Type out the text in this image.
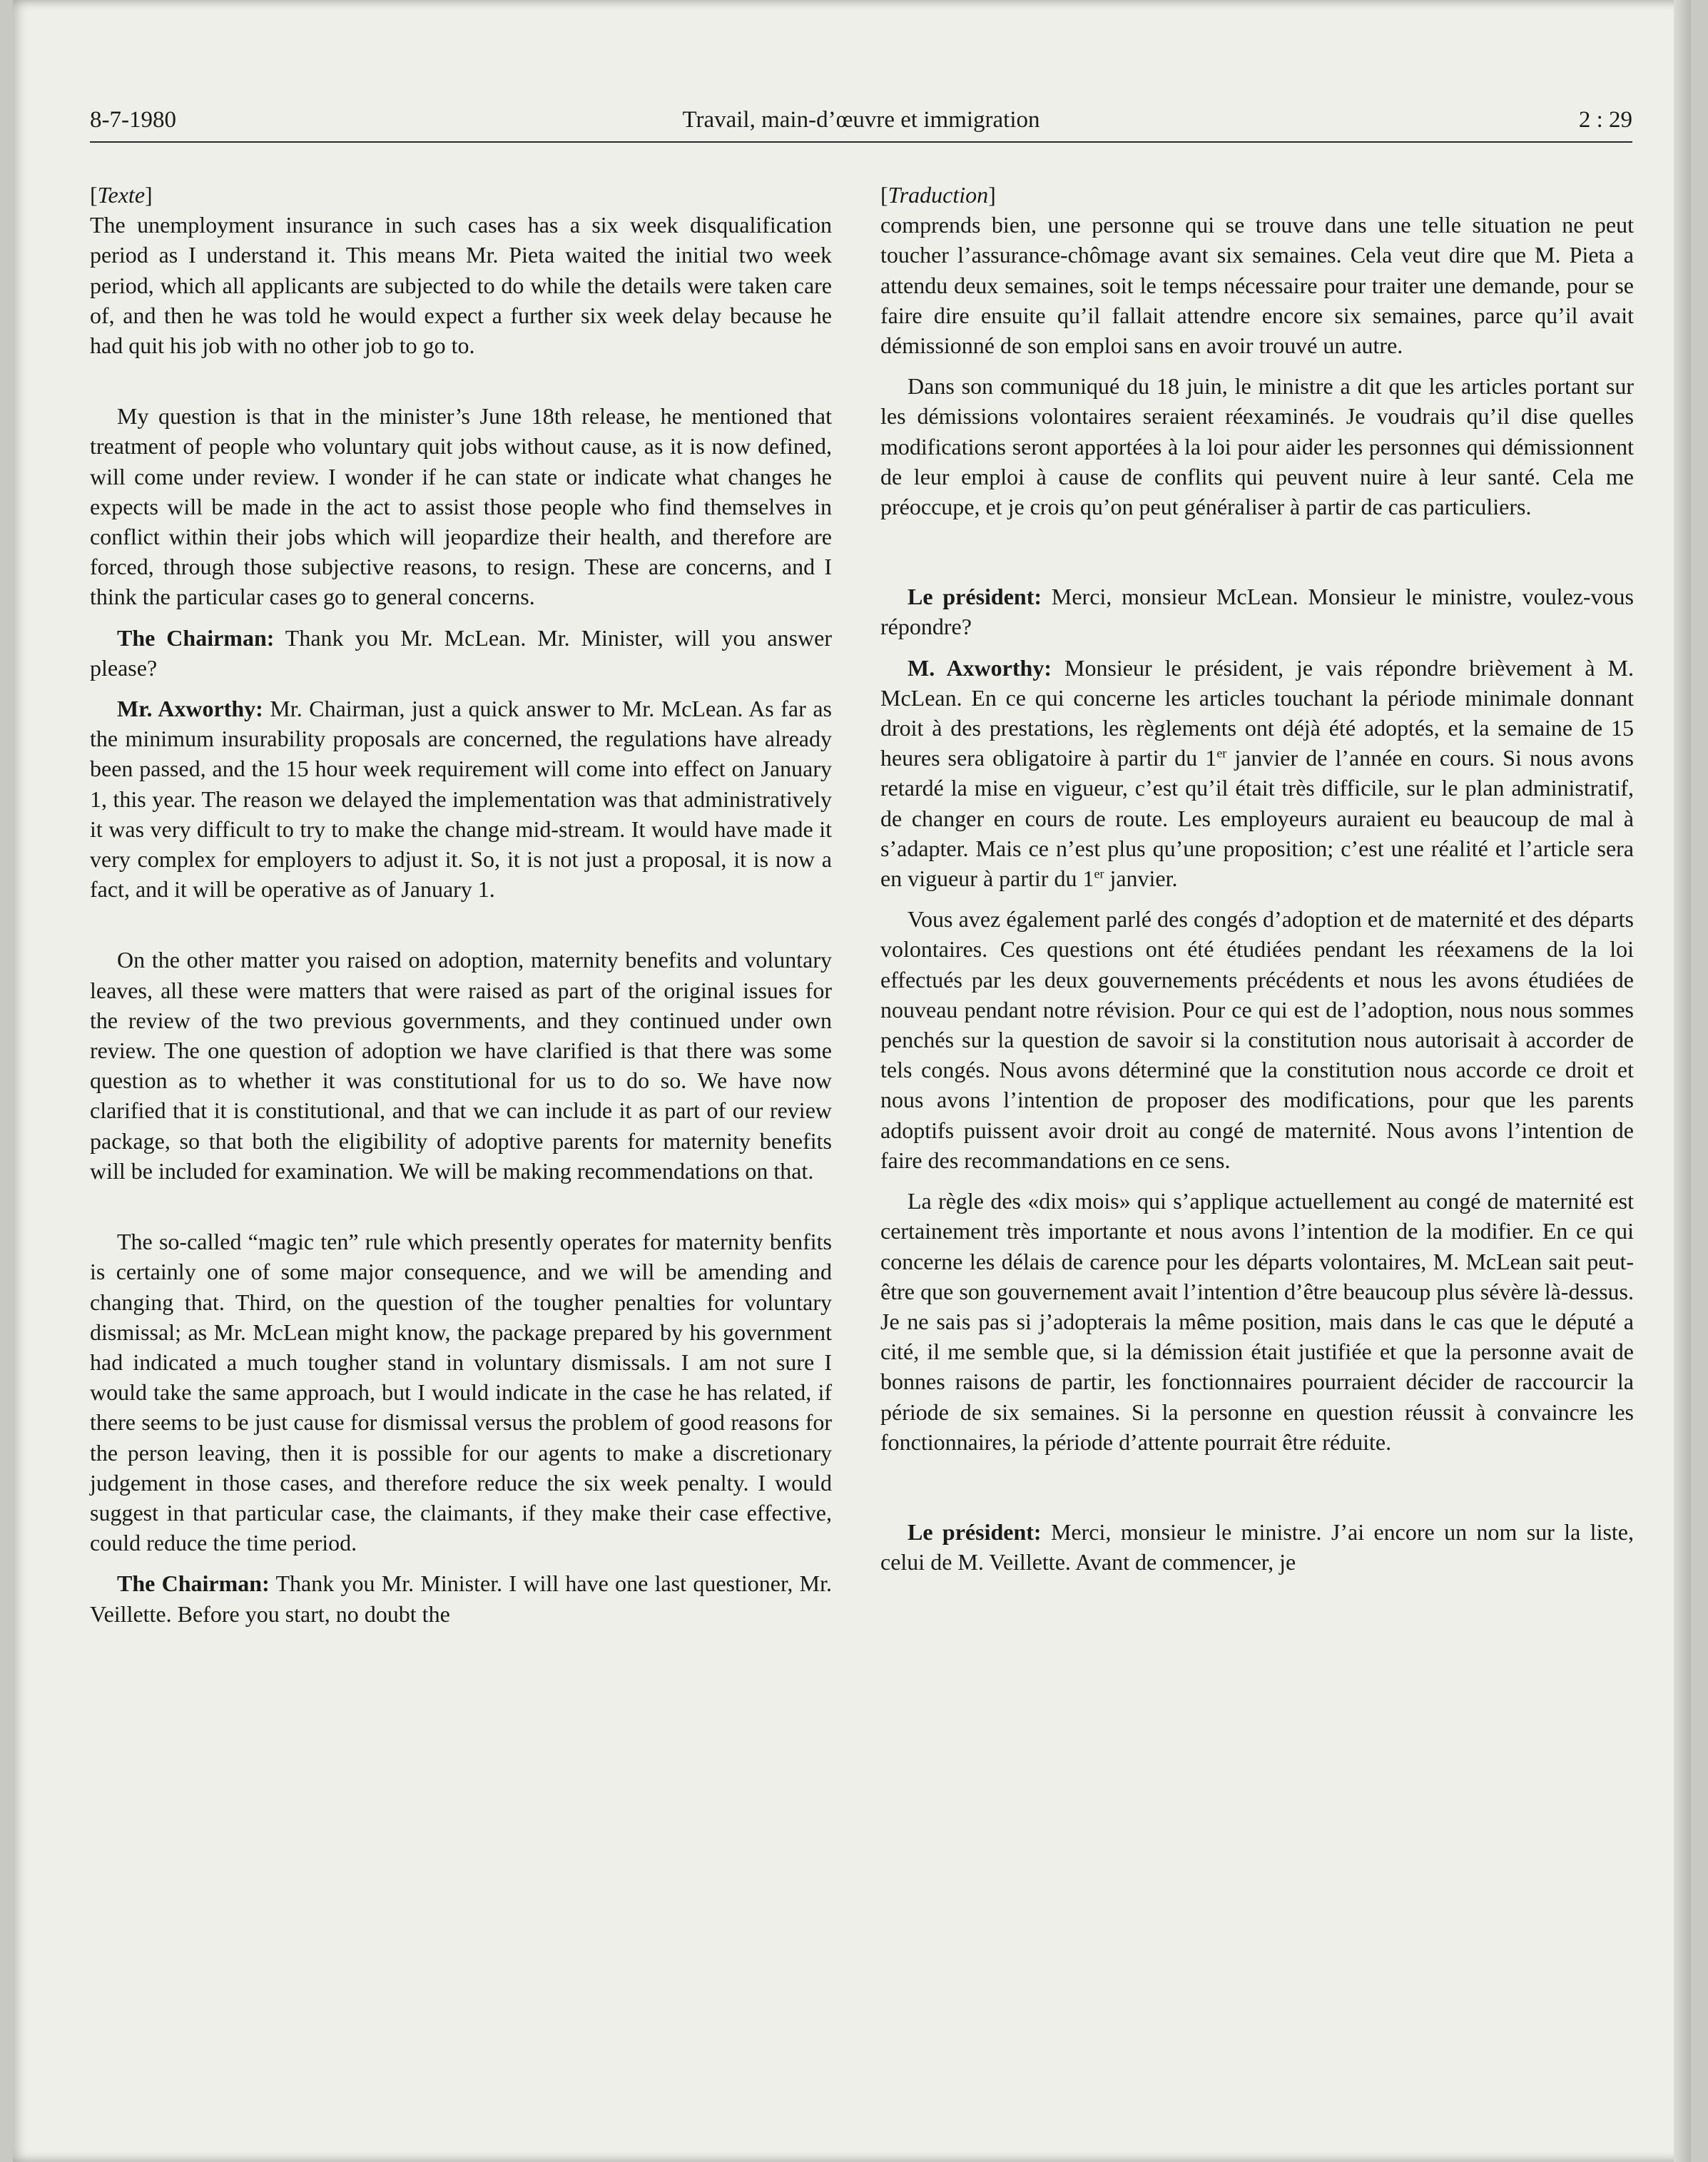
8-7-1980	Travail, main-d’œuvre et immigration	2 : 29

[Texte]

The unemployment insurance in such cases has a six week disqualification period as I understand it. This means Mr. Pieta waited the initial two week period, which all applicants are subjected to do while the details were taken care of, and then he was told he would expect a further six week delay because he had quit his job with no other job to go to.

My question is that in the minister’s June 18th release, he mentioned that treatment of people who voluntary quit jobs without cause, as it is now defined, will come under review. I wonder if he can state or indicate what changes he expects will be made in the act to assist those people who find themselves in conflict within their jobs which will jeopardize their health, and therefore are forced, through those subjective reasons, to resign. These are concerns, and I think the particular cases go to general concerns.

The Chairman: Thank you Mr. McLean. Mr. Minister, will you answer please?

Mr. Axworthy: Mr. Chairman, just a quick answer to Mr. McLean. As far as the minimum insurability proposals are concerned, the regulations have already been passed, and the 15 hour week requirement will come into effect on January 1, this year. The reason we delayed the implementation was that administratively it was very difficult to try to make the change mid-stream. It would have made it very complex for employers to adjust it. So, it is not just a proposal, it is now a fact, and it will be operative as of January 1.

On the other matter you raised on adoption, maternity benefits and voluntary leaves, all these were matters that were raised as part of the original issues for the review of the two previous governments, and they continued under own review. The one question of adoption we have clarified is that there was some question as to whether it was constitutional for us to do so. We have now clarified that it is constitutional, and that we can include it as part of our review package, so that both the eligibility of adoptive parents for maternity benefits will be included for examination. We will be making recommendations on that.

The so-called “magic ten” rule which presently operates for maternity benfits is certainly one of some major consequence, and we will be amending and changing that. Third, on the question of the tougher penalties for voluntary dismissal; as Mr. McLean might know, the package prepared by his government had indicated a much tougher stand in voluntary dismissals. I am not sure I would take the same approach, but I would indicate in the case he has related, if there seems to be just cause for dismissal versus the problem of good reasons for the person leaving, then it is possible for our agents to make a discretionary judgement in those cases, and therefore reduce the six week penalty. I would suggest in that particular case, the claimants, if they make their case effective, could reduce the time period.

The Chairman: Thank you Mr. Minister. I will have one last questioner, Mr. Veillette. Before you start, no doubt the

[Traduction]

comprends bien, une personne qui se trouve dans une telle situation ne peut toucher l’assurance-chômage avant six semaines. Cela veut dire que M. Pieta a attendu deux semaines, soit le temps nécessaire pour traiter une demande, pour se faire dire ensuite qu’il fallait attendre encore six semaines, parce qu’il avait démissionné de son emploi sans en avoir trouvé un autre.

Dans son communiqué du 18 juin, le ministre a dit que les articles portant sur les démissions volontaires seraient réexaminés. Je voudrais qu’il dise quelles modifications seront apportées à la loi pour aider les personnes qui démissionnent de leur emploi à cause de conflits qui peuvent nuire à leur santé. Cela me préoccupe, et je crois qu’on peut généraliser à partir de cas particuliers.

Le président: Merci, monsieur McLean. Monsieur le ministre, voulez-vous répondre?

M. Axworthy: Monsieur le président, je vais répondre brièvement à M. McLean. En ce qui concerne les articles touchant la période minimale donnant droit à des prestations, les règlements ont déjà été adoptés, et la semaine de 15 heures sera obligatoire à partir du 1er janvier de l’année en cours. Si nous avons retardé la mise en vigueur, c’est qu’il était très difficile, sur le plan administratif, de changer en cours de route. Les employeurs auraient eu beaucoup de mal à s’adapter. Mais ce n’est plus qu’une proposition; c’est une réalité et l’article sera en vigueur à partir du 1er janvier.

Vous avez également parlé des congés d’adoption et de maternité et des départs volontaires. Ces questions ont été étudiées pendant les réexamens de la loi effectués par les deux gouvernements précédents et nous les avons étudiées de nouveau pendant notre révision. Pour ce qui est de l’adoption, nous nous sommes penchés sur la question de savoir si la constitution nous autorisait à accorder de tels congés. Nous avons déterminé que la constitution nous accorde ce droit et nous avons l’intention de proposer des modifications, pour que les parents adoptifs puissent avoir droit au congé de maternité. Nous avons l’intention de faire des recommandations en ce sens.

La règle des «dix mois» qui s’applique actuellement au congé de maternité est certainement très importante et nous avons l’intention de la modifier. En ce qui concerne les délais de carence pour les départs volontaires, M. McLean sait peut-être que son gouvernement avait l’intention d’être beaucoup plus sévère là-dessus. Je ne sais pas si j’adopterais la même position, mais dans le cas que le député a cité, il me semble que, si la démission était justifiée et que la personne avait de bonnes raisons de partir, les fonctionnaires pourraient décider de raccourcir la période de six semaines. Si la personne en question réussit à convaincre les fonctionnaires, la période d’attente pourrait être réduite.

Le président: Merci, monsieur le ministre. J’ai encore un nom sur la liste, celui de M. Veillette. Avant de commencer, je
